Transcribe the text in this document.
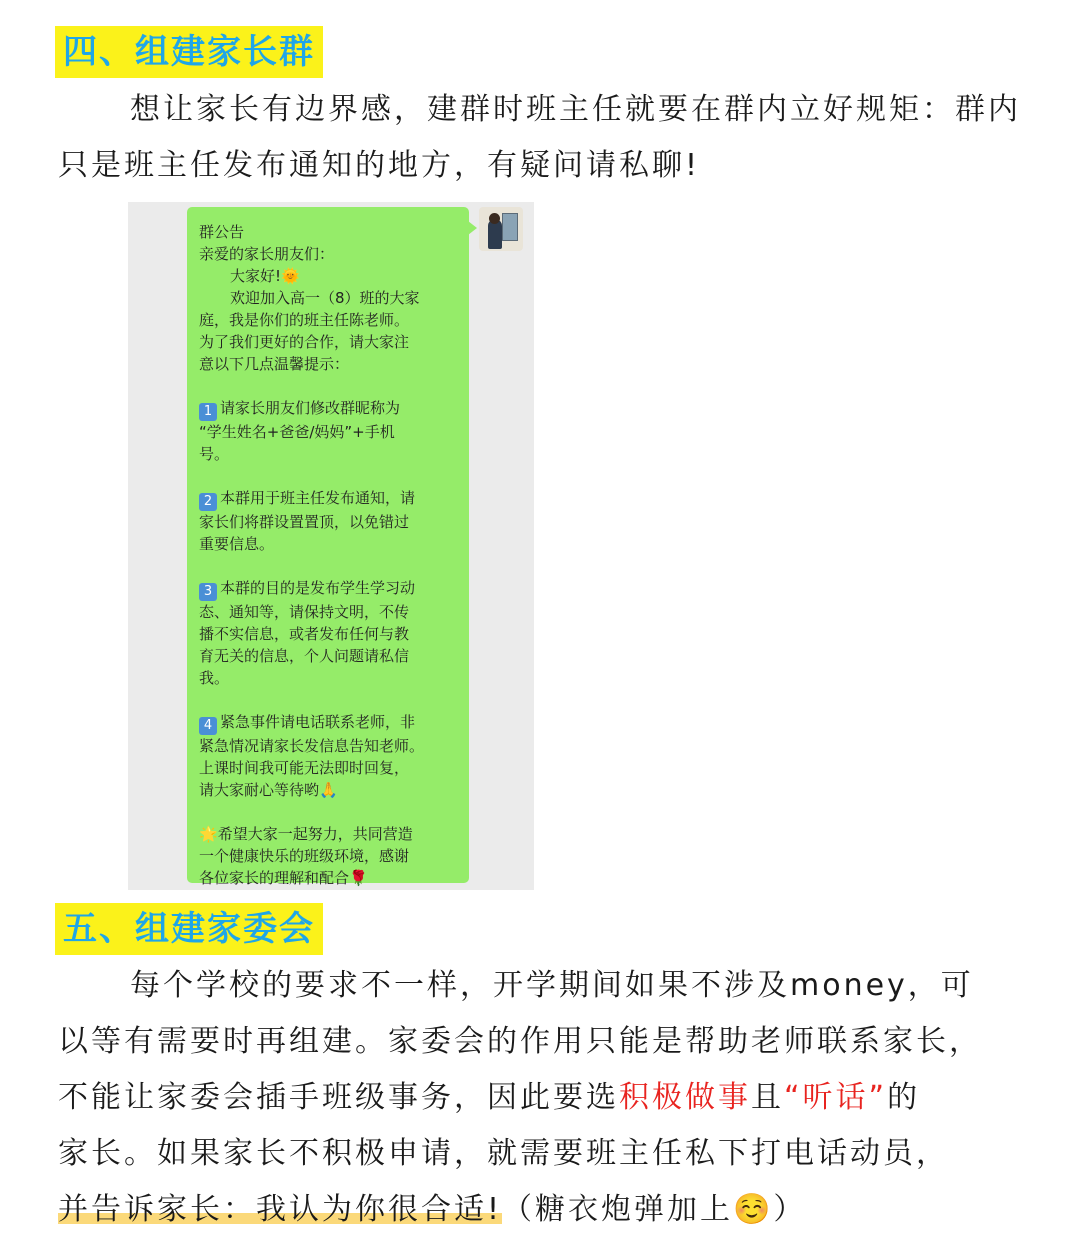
四、组建家长群
想让家长有边界感，建群时班主任就要在群内立好规矩：群内
只是班主任发布通知的地方，有疑问请私聊!

群公告

亲爱的家长朋友们：

大家好!🌞

欢迎加入高一（8）班的大家

庭，我是你们的班主任陈老师。

为了我们更好的合作，请大家注

意以下几点温馨提示：

1 请家长朋友们修改群昵称为

“学生姓名+爸爸/妈妈”+手机

号。

2 本群用于班主任发布通知，请

家长们将群设置置顶，以免错过

重要信息。

3 本群的目的是发布学生学习动

态、通知等，请保持文明，不传

播不实信息，或者发布任何与教

育无关的信息，个人问题请私信

我。

4 紧急事件请电话联系老师，非

紧急情况请家长发信息告知老师。

上课时间我可能无法即时回复，

请大家耐心等待哟🙏

🌟希望大家一起努力，共同营造

一个健康快乐的班级环境，感谢

各位家长的理解和配合🌹

五、组建家委会
每个学校的要求不一样，开学期间如果不涉及money，可
以等有需要时再组建。家委会的作用只能是帮助老师联系家长，
不能让家委会插手班级事务，因此要选积极做事且“听话”的
家长。如果家长不积极申请，就需要班主任私下打电话动员，
并告诉家长：我认为你很合适!（糖衣炮弹加上☺️）
